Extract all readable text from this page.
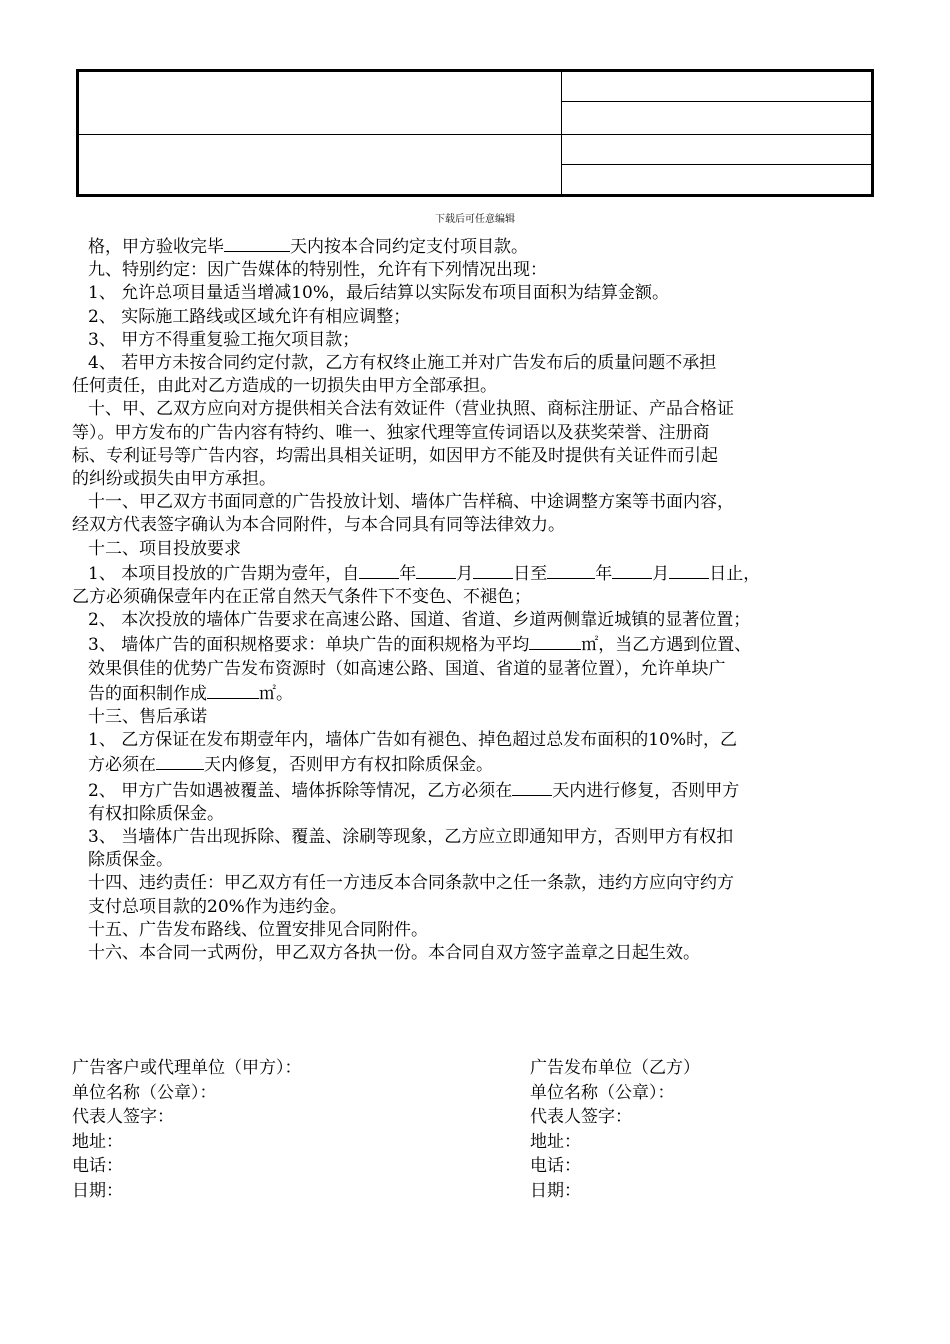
下载后可任意编辑

格，甲方验收完毕	天内按本合同约定支付项目款。

九、特别约定：因广告媒体的特别性，允许有下列情况出现：

1、 允许总项目量适当增减10%，最后结算以实际发布项目面积为结算金额。

2、 实际施工路线或区域允许有相应调整；

3、 甲方不得重复验工拖欠项目款；

4、 若甲方未按合同约定付款，乙方有权终止施工并对广告发布后的质量问题不承担

任何责任，由此对乙方造成的一切损失由甲方全部承担。

十、甲、乙双方应向对方提供相关合法有效证件（营业执照、商标注册证、产品合格证

等）。甲方发布的广告内容有特约、唯一、独家代理等宣传词语以及获奖荣誉、注册商

标、专利证号等广告内容，均需出具相关证明，如因甲方不能及时提供有关证件而引起

的纠纷或损失由甲方承担。

十一、甲乙双方书面同意的广告投放计划、墙体广告样稿、中途调整方案等书面内容，

经双方代表签字确认为本合同附件，与本合同具有同等法律效力。

十二、项目投放要求

1、 本项目投放的广告期为壹年，自 年 月 日至	年 月 日止，

乙方必须确保壹年内在正常自然天气条件下不变色、不褪色；

2、 本次投放的墙体广告要求在高速公路、国道、省道、乡道两侧靠近城镇的显著位置；

3、 墙体广告的面积规格要求：单块广告的面积规格为平均	㎡，当乙方遇到位置、

效果俱佳的优势广告发布资源时（如高速公路、国道、省道的显著位置），允许单块广

告的面积制作成	㎡。

十三、售后承诺

1、 乙方保证在发布期壹年内，墙体广告如有褪色、掉色超过总发布面积的10%时，乙

方必须在	天内修复，否则甲方有权扣除质保金。

2、 甲方广告如遇被覆盖、墙体拆除等情况，乙方必须在 天内进行修复，否则甲方

有权扣除质保金。

3、 当墙体广告出现拆除、覆盖、涂刷等现象，乙方应立即通知甲方，否则甲方有权扣

除质保金。

十四、违约责任：甲乙双方有任一方违反本合同条款中之任一条款，违约方应向守约方

支付总项目款的20%作为违约金。

十五、广告发布路线、位置安排见合同附件。

十六、本合同一式两份，甲乙双方各执一份。本合同自双方签字盖章之日起生效。

广告客户或代理单位（甲方）：
单位名称（公章）：
代表人签字：
地址：
电话：
日期：
广告发布单位（乙方）
单位名称（公章）：
代表人签字：
地址：
电话：
日期：
